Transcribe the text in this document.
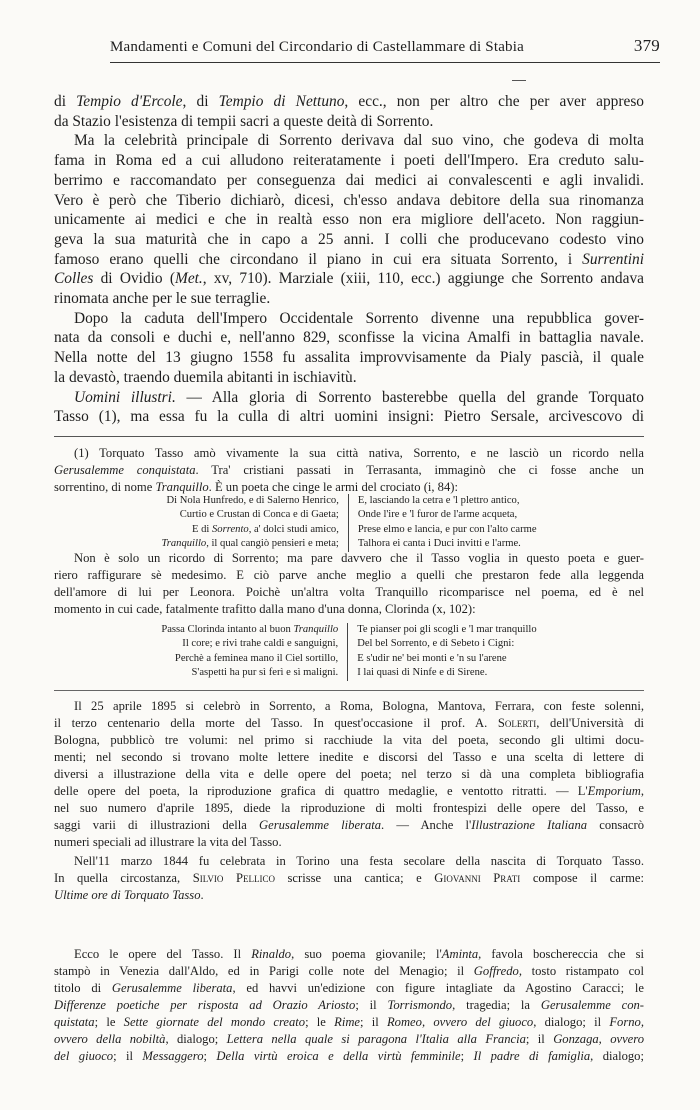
Mandamenti e Comuni del Circondario di Castellammare di Stabia	379

di Tempio d'Ercole, di Tempio di Nettuno, ecc., non per altro che per aver appreso

da Stazio l'esistenza di tempii sacri a queste deità di Sorrento.

Ma la celebrità principale di Sorrento derivava dal suo vino, che godeva di molta

fama in Roma ed a cui alludono reiteratamente i poeti dell'Impero. Era creduto salu-

berrimo e raccomandato per conseguenza dai medici ai convalescenti e agli invalidi.

Vero è però che Tiberio dichiarò, dicesi, ch'esso andava debitore della sua rinomanza

unicamente ai medici e che in realtà esso non era migliore dell'aceto. Non raggiun-

geva la sua maturità che in capo a 25 anni. I colli che producevano codesto vino

famoso erano quelli che circondano il piano in cui era situata Sorrento, i Surrentini

Colles di Ovidio (Met., xv, 710). Marziale (xiii, 110, ecc.) aggiunge che Sorrento andava

rinomata anche per le sue terraglie.

Dopo la caduta dell'Impero Occidentale Sorrento divenne una repubblica gover-

nata da consoli e duchi e, nell'anno 829, sconfisse la vicina Amalfi in battaglia navale.

Nella notte del 13 giugno 1558 fu assalita improvvisamente da Pialy pascià, il quale

la devastò, traendo duemila abitanti in ischiavitù.

Uomini illustri. — Alla gloria di Sorrento basterebbe quella del grande Torquato

Tasso (1), ma essa fu la culla di altri uomini insigni: Pietro Sersale, arcivescovo di

(1) Torquato Tasso amò vivamente la sua città nativa, Sorrento, e ne lasciò un ricordo nella

Gerusalemme conquistata. Tra' cristiani passati in Terrasanta, immaginò che ci fosse anche un

sorrentino, di nome Tranquillo. È un poeta che cinge le armi del crociato (i, 84):

Di Nola Hunfredo, e di Salerno Henrico,
Curtio e Crustan di Conca e di Gaeta;
E di Sorrento, a' dolci studi amico,
Tranquillo, il qual cangiò pensieri e meta;
E, lasciando la cetra e 'l plettro antico,
Onde l'ire e 'l furor de l'arme acqueta,
Prese elmo e lancia, e pur con l'alto carme
Talhora ei canta i Duci invitti e l'arme.

Non è solo un ricordo di Sorrento; ma pare davvero che il Tasso voglia in questo poeta e guer-

riero raffigurare sè medesimo. E ciò parve anche meglio a quelli che prestaron fede alla leggenda

dell'amore di lui per Leonora. Poichè un'altra volta Tranquillo ricomparisce nel poema, ed è nel

momento in cui cade, fatalmente trafitto dalla mano d'una donna, Clorinda (x, 102):

Passa Clorinda intanto al buon Tranquillo
Il core; e rivi trahe caldi e sanguigni,
Perchè a feminea mano il Ciel sortillo,
S'aspetti ha pur sì ferì e sì maligni.
Te pianser poi gli scogli e 'l mar tranquillo
Del bel Sorrento, e di Sebeto i Cigni:
E s'udir ne' bei monti e 'n su l'arene
I lai quasi di Ninfe e di Sirene.

Il 25 aprile 1895 si celebrò in Sorrento, a Roma, Bologna, Mantova, Ferrara, con feste solenni,

il terzo centenario della morte del Tasso. In quest'occasione il prof. A. Solerti, dell'Università di

Bologna, pubblicò tre volumi: nel primo si racchiude la vita del poeta, secondo gli ultimi docu-

menti; nel secondo si trovano molte lettere inedite e discorsi del Tasso e una scelta di lettere di

diversi a illustrazione della vita e delle opere del poeta; nel terzo si dà una completa bibliografia

delle opere del poeta, la riproduzione grafica di quattro medaglie, e ventotto ritratti. — L'Emporium,

nel suo numero d'aprile 1895, diede la riproduzione di molti frontespizi delle opere del Tasso, e

saggi varii di illustrazioni della Gerusalemme liberata. — Anche l'Illustrazione Italiana consacrò

numeri speciali ad illustrare la vita del Tasso.

Nell'11 marzo 1844 fu celebrata in Torino una festa secolare della nascita di Torquato Tasso.

In quella circostanza, Silvio Pellico scrisse una cantica; e Giovanni Prati compose il carme:

Ultime ore di Torquato Tasso.

Ecco le opere del Tasso. Il Rinaldo, suo poema giovanile; l'Aminta, favola boschereccia che si

stampò in Venezia dall'Aldo, ed in Parigi colle note del Menagio; il Goffredo, tosto ristampato col

titolo di Gerusalemme liberata, ed havvi un'edizione con figure intagliate da Agostino Caracci; le

Differenze poetiche per risposta ad Orazio Ariosto; il Torrismondo, tragedia; la Gerusalemme con-

quistata; le Sette giornate del mondo creato; le Rime; il Romeo, ovvero del giuoco, dialogo; il Forno,

ovvero della nobiltà, dialogo; Lettera nella quale si paragona l'Italia alla Francia; il Gonzaga, ovvero

del giuoco; il Messaggero; Della virtù eroica e della virtù femminile; Il padre di famiglia, dialogo;
